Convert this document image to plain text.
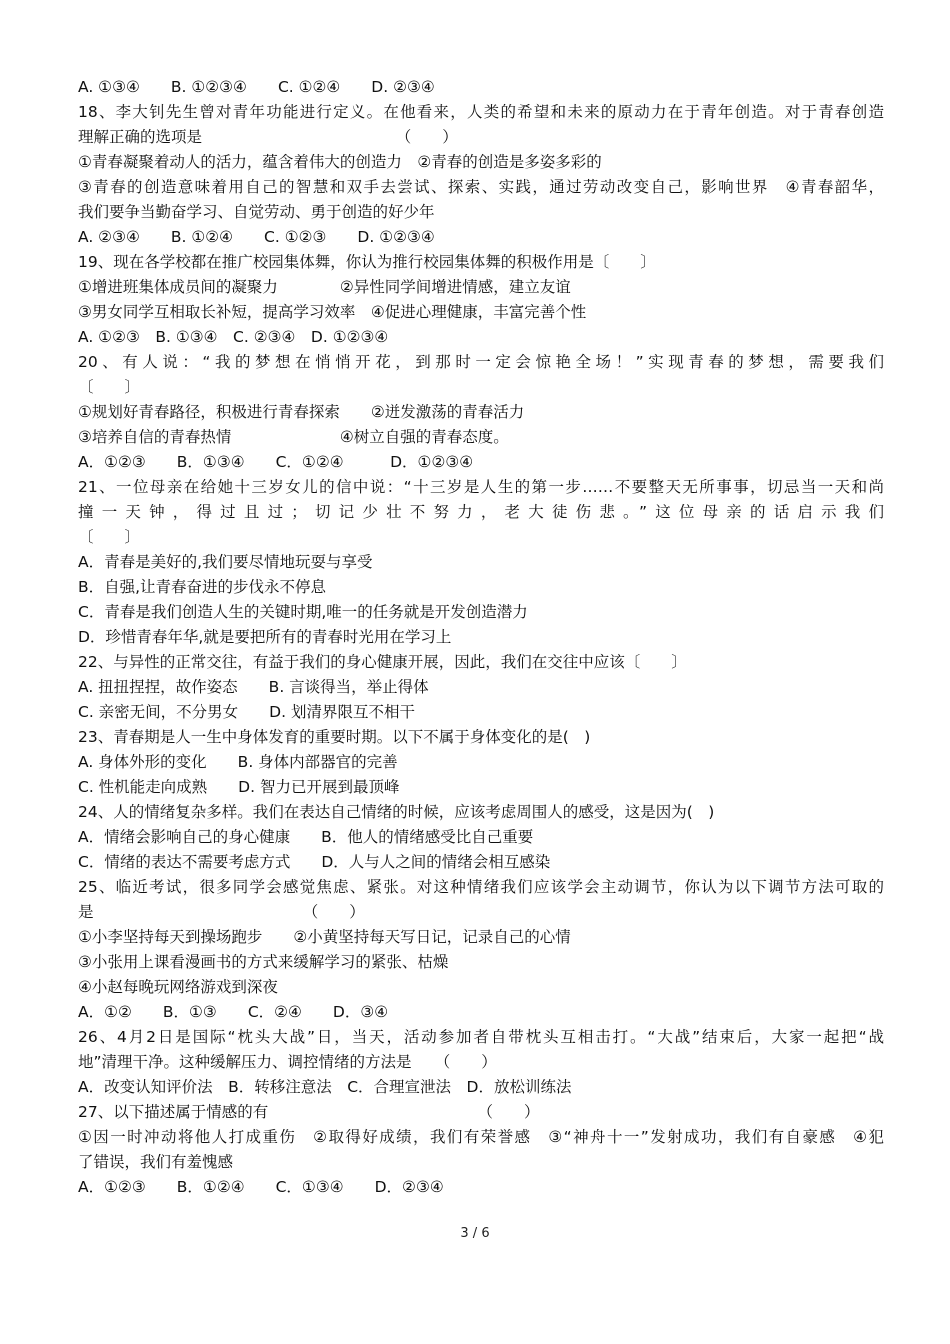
A. ①③④　　B. ①②③④　　C. ①②④　　D. ②③④
18、李大钊先生曾对青年功能进行定义。在他看来，人类的希望和未来的原动力在于青年创造。对于青春创造
理解正确的选项是　　　　　　　　　　　　　（　　）
①青春凝聚着动人的活力，蕴含着伟大的创造力　②青春的创造是多姿多彩的
③青春的创造意味着用自己的智慧和双手去尝试、探索、实践，通过劳动改变自己，影响世界　④青春韶华，
我们要争当勤奋学习、自觉劳动、勇于创造的好少年
A. ②③④　　B. ①②④　　C. ①②③　　D. ①②③④
19、现在各学校都在推广校园集体舞，你认为推行校园集体舞的积极作用是〔　　〕
①增进班集体成员间的凝聚力　　　　②异性同学间增进情感，建立友谊
③男女同学互相取长补短，提高学习效率　④促进心理健康，丰富完善个性
A. ①②③　B. ①③④　C. ②③④　D. ①②③④
20、有人说：“我的梦想在悄悄开花，到那时一定会惊艳全场！”实现青春的梦想，需要我们
〔　　〕
①规划好青春路径，积极进行青春探索　　②迸发激荡的青春活力
③培养自信的青春热情　　　　　　　④树立自强的青春态度。
A．①②③　　B．①③④　　C．①②④　　　D．①②③④
21、一位母亲在给她十三岁女儿的信中说：“十三岁是人生的第一步……不要整天无所事事，切忌当一天和尚
撞一天钟，得过且过；切记少壮不努力，老大徒伤悲。”这位母亲的话启示我们
〔　　〕
A．青春是美好的,我们要尽情地玩耍与享受
B．自强,让青春奋进的步伐永不停息
C．青春是我们创造人生的关键时期,唯一的任务就是开发创造潜力
D．珍惜青春年华,就是要把所有的青春时光用在学习上
22、与异性的正常交往，有益于我们的身心健康开展，因此，我们在交往中应该〔　　〕
A. 扭扭捏捏，故作姿态　　B. 言谈得当，举止得体
C. 亲密无间，不分男女　　D. 划清界限互不相干
23、青春期是人一生中身体发育的重要时期。以下不属于身体变化的是(　)
A. 身体外形的变化　　B. 身体内部器官的完善
C. 性机能走向成熟　　D. 智力已开展到最顶峰
24、人的情绪复杂多样。我们在表达自己情绪的时候，应该考虑周围人的感受，这是因为(　)
A．情绪会影响自己的身心健康　　B．他人的情绪感受比自己重要
C．情绪的表达不需要考虑方式　　D．人与人之间的情绪会相互感染
25、临近考试，很多同学会感觉焦虑、紧张。对这种情绪我们应该学会主动调节，你认为以下调节方法可取的
是　　　　　　　　　　　　　　（　　）
①小李坚持每天到操场跑步　　②小黄坚持每天写日记，记录自己的心情
③小张用上课看漫画书的方式来缓解学习的紧张、枯燥
④小赵每晚玩网络游戏到深夜
A．①②　　B．①③　　C．②④　　D．③④
26、4月2日是国际“枕头大战”日，当天，活动参加者自带枕头互相击打。“大战”结束后，大家一起把“战
地”清理干净。这种缓解压力、调控情绪的方法是　　（　　）
A．改变认知评价法　B．转移注意法　C．合理宣泄法　D．放松训练法
27、以下描述属于情感的有　　　　　　　　　　　　　　（　　）
①因一时冲动将他人打成重伤　②取得好成绩，我们有荣誉感　③“神舟十一”发射成功，我们有自豪感　④犯
了错误，我们有羞愧感
A．①②③　　B．①②④　　C．①③④　　D．②③④
3 / 6
